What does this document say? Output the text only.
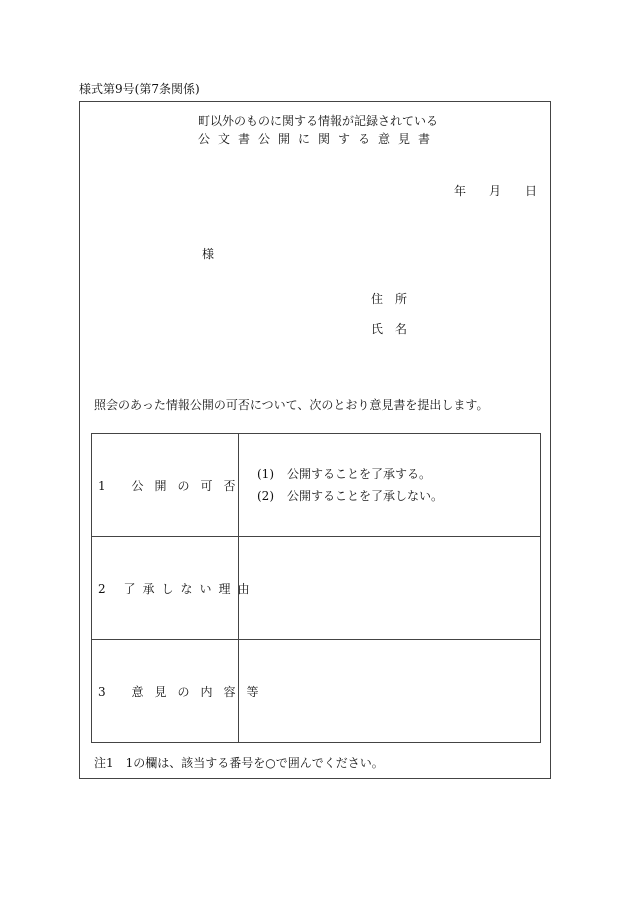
様式第9号(第7条関係)
町以外のものに関する情報が記録されている
公文書公開に関する意見書
年 月 日
様
住所
氏名
照会のあった情報公開の可否について、次のとおり意見書を提出します。
1 公開の可否	(1) 公開することを了承する。
(2) 公開することを了承しない。

2 了承しない理由	
3 意見の内容等	
注1　1の欄は、該当する番号を○で囲んでください。
